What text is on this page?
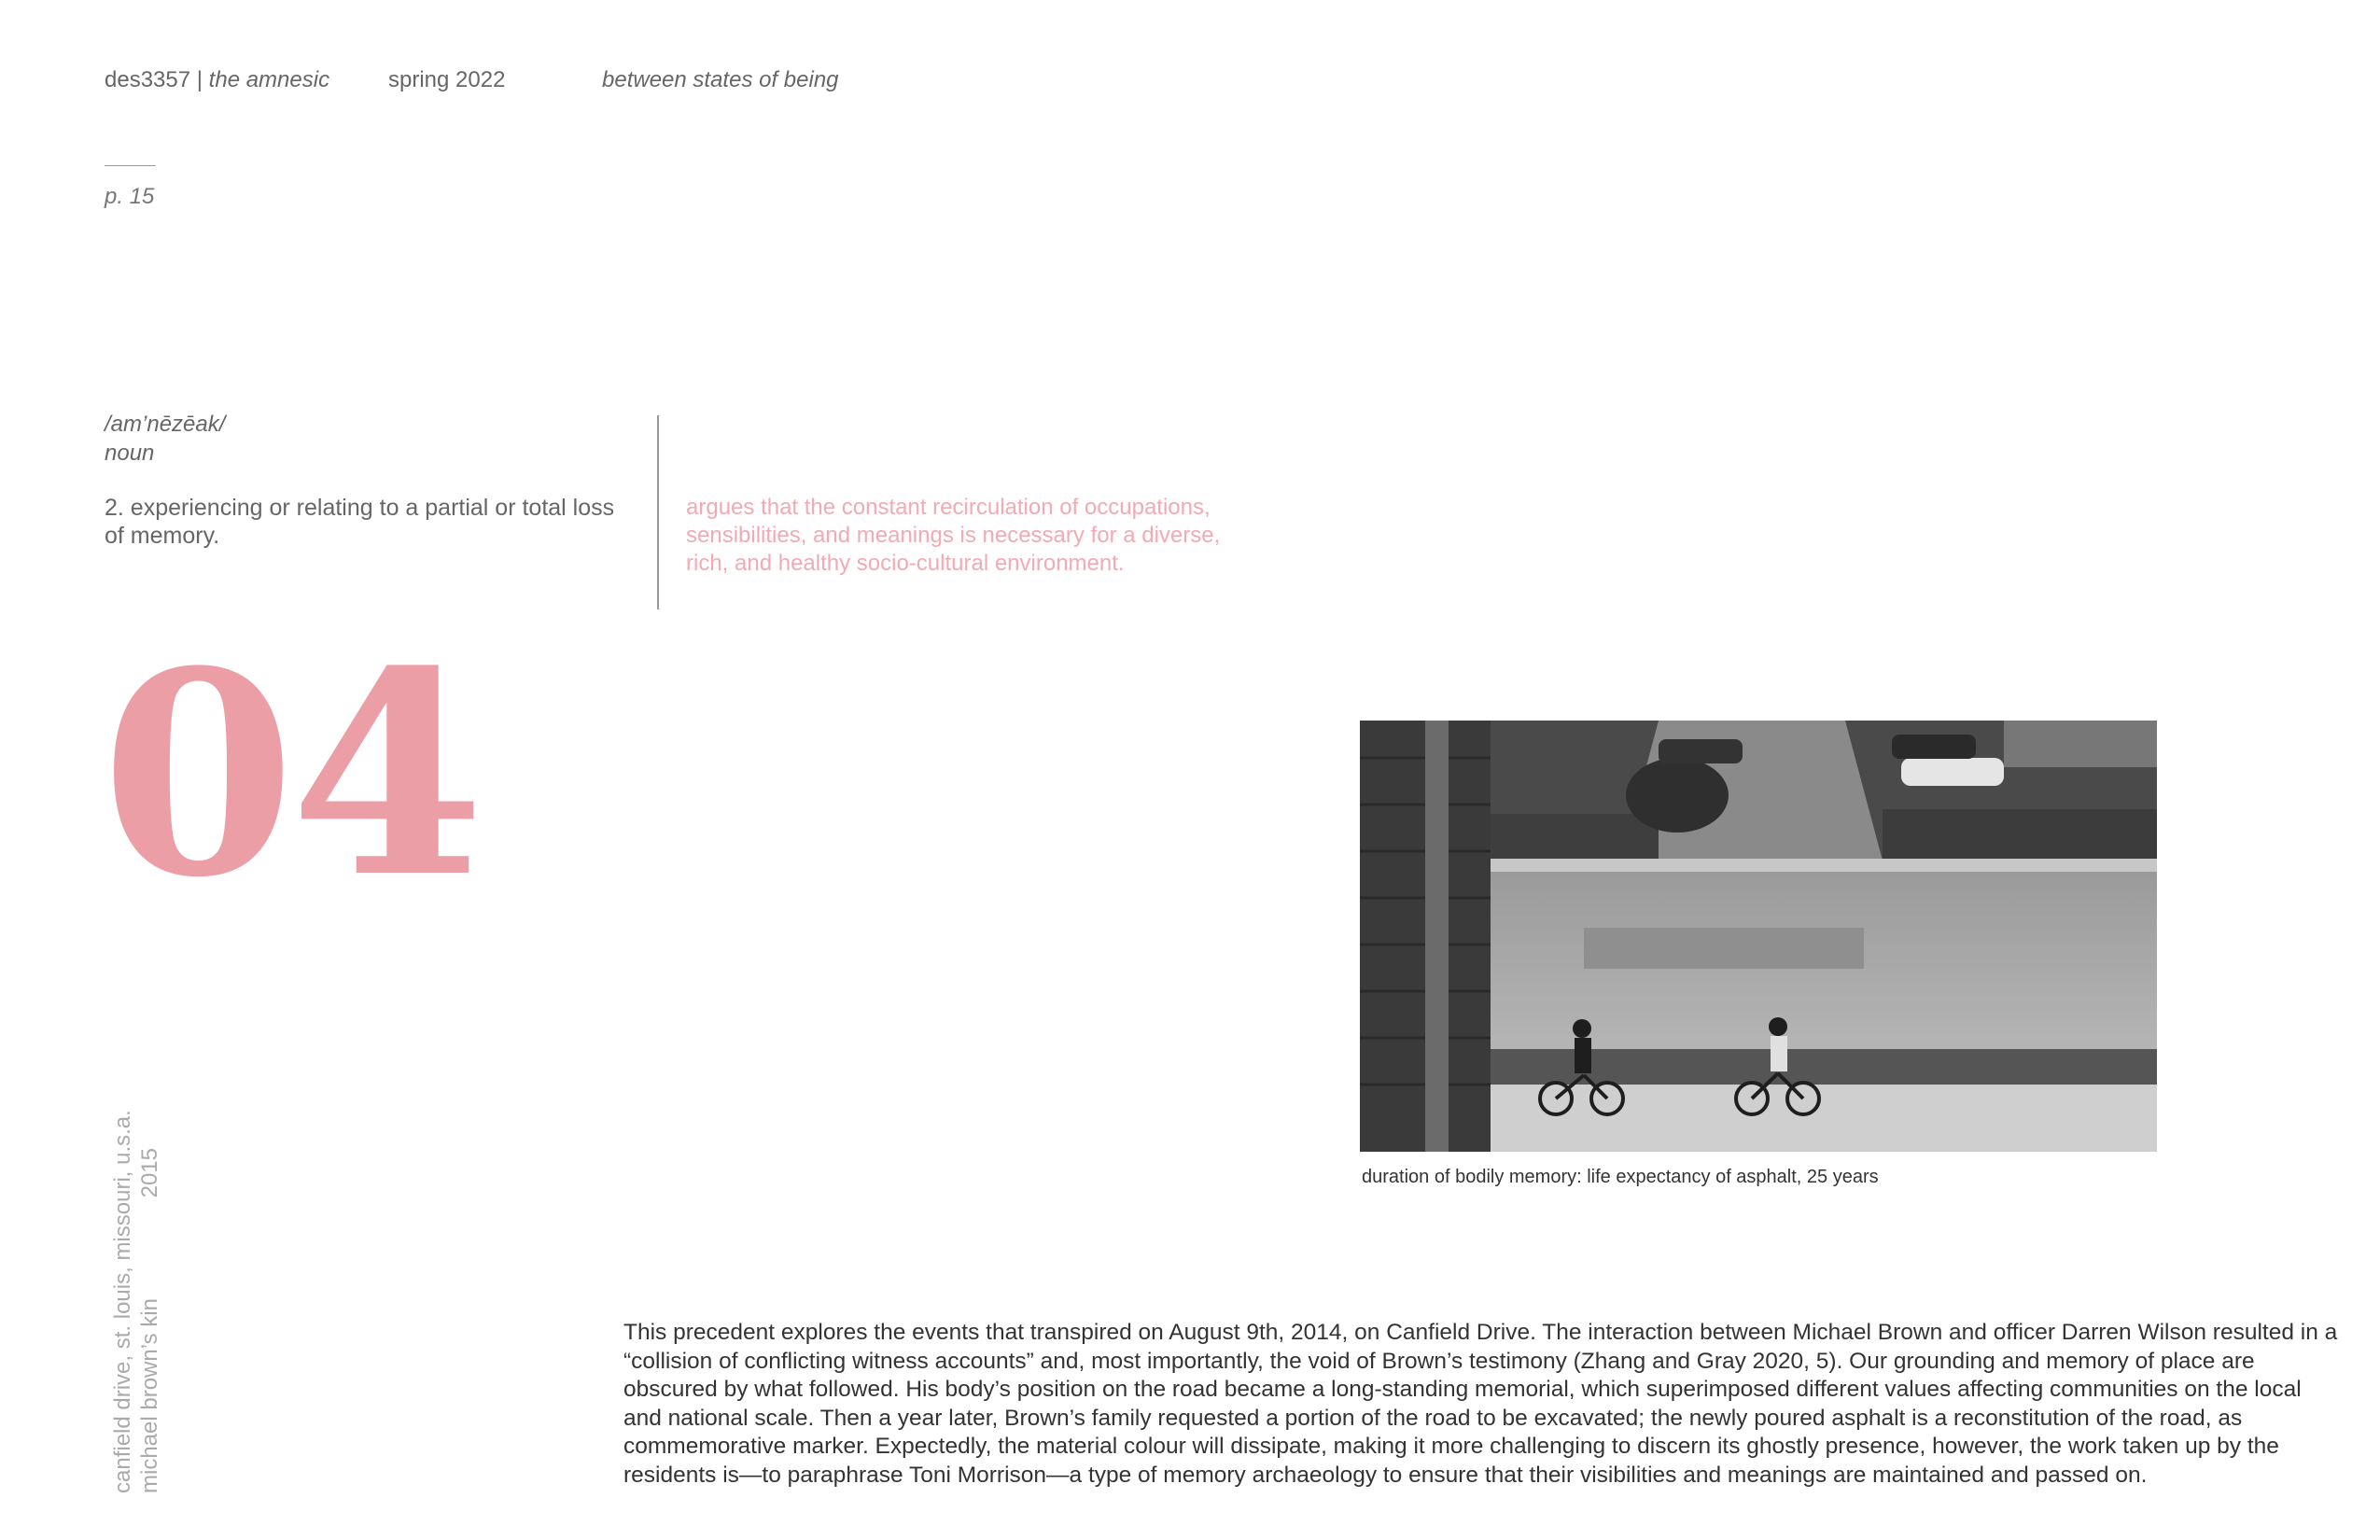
des3357 | the amnesic	spring 2022	between states of being
p. 15
/am’nēzēak/
noun
2. experiencing or relating to a partial or total loss of memory.
argues that the constant recirculation of occupations, sensibilities, and meanings is necessary for a diverse, rich, and healthy socio-cultural environment.
04
duration of bodily memory: life expectancy of asphalt, 25 years
canfield drive, st. louis, missouri, u.s.a. michael brown’s kin
2015
This precedent explores the events that transpired on August 9th, 2014, on Canfield Drive. The interaction between Michael Brown and officer Darren Wilson resulted in a “collision of conflicting witness accounts” and, most importantly, the void of Brown’s testimony (Zhang and Gray 2020, 5). Our grounding and memory of place are obscured by what followed. His body’s position on the road became a long-standing memorial, which superimposed different values affecting communities on the local and national scale. Then a year later, Brown’s family requested a portion of the road to be excavated; the newly poured asphalt is a reconstitution of the road, as commemorative marker. Expectedly, the material colour will dissipate, making it more challenging to discern its ghostly presence, however, the work taken up by the residents is—to paraphrase Toni Morrison—a type of memory archaeology to ensure that their visibilities and meanings are maintained and passed on.
